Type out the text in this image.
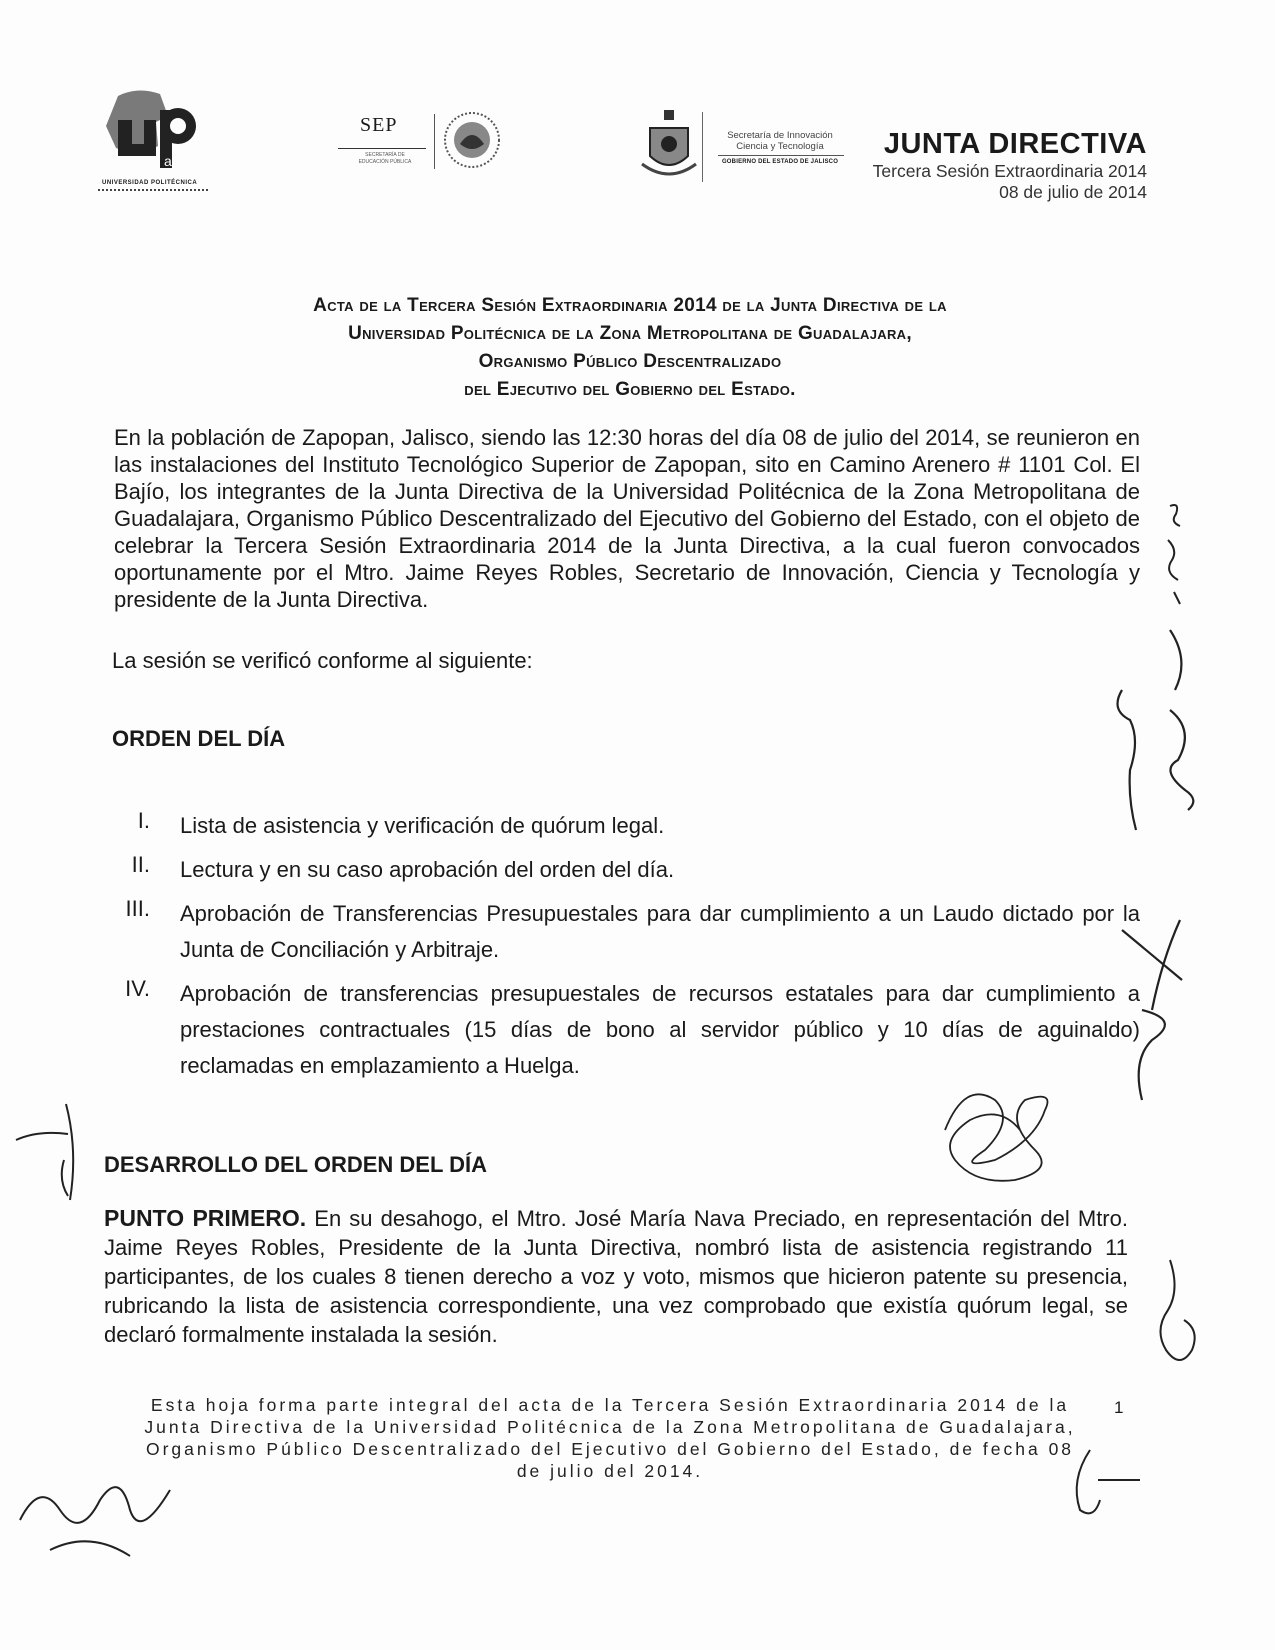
al
UNIVERSIDAD POLITÉCNICA
SEP
SECRETARÍA DE EDUCACIÓN PÚBLICA
Secretaría de Innovación
Ciencia y Tecnología
GOBIERNO DEL ESTADO DE JALISCO
JUNTA DIRECTIVA
Tercera Sesión Extraordinaria 2014
08 de julio de 2014
Acta de la Tercera Sesión Extraordinaria 2014 de la Junta Directiva de la
Universidad Politécnica de la Zona Metropolitana de Guadalajara,
Organismo Público Descentralizado
del Ejecutivo del Gobierno del Estado.
En la población de Zapopan, Jalisco, siendo las 12:30 horas del día 08 de julio del 2014, se reunieron en las instalaciones del Instituto Tecnológico Superior de Zapopan, sito en Camino Arenero # 1101 Col. El Bajío, los integrantes de la Junta Directiva de la Universidad Politécnica de la Zona Metropolitana de Guadalajara, Organismo Público Descentralizado del Ejecutivo del Gobierno del Estado, con el objeto de celebrar la Tercera Sesión Extraordinaria 2014 de la Junta Directiva, a la cual fueron convocados oportunamente por el Mtro. Jaime Reyes Robles, Secretario de Innovación, Ciencia y Tecnología y presidente de la Junta Directiva.
La sesión se verificó conforme al siguiente:
ORDEN DEL DÍA
I. Lista de asistencia y verificación de quórum legal.
II. Lectura y en su caso aprobación del orden del día.
III. Aprobación de Transferencias Presupuestales para dar cumplimiento a un Laudo dictado por la Junta de Conciliación y Arbitraje.
IV. Aprobación de transferencias presupuestales de recursos estatales para dar cumplimiento a prestaciones contractuales (15 días de bono al servidor público y 10 días de aguinaldo) reclamadas en emplazamiento a Huelga.
DESARROLLO DEL ORDEN DEL DÍA
PUNTO PRIMERO. En su desahogo, el Mtro. José María Nava Preciado, en representación del Mtro. Jaime Reyes Robles, Presidente de la Junta Directiva, nombró lista de asistencia registrando 11 participantes, de los cuales 8 tienen derecho a voz y voto, mismos que hicieron patente su presencia, rubricando la lista de asistencia correspondiente, una vez comprobado que existía quórum legal, se declaró formalmente instalada la sesión.
Esta hoja forma parte integral del acta de la Tercera Sesión Extraordinaria 2014 de la Junta Directiva de la Universidad Politécnica de la Zona Metropolitana de Guadalajara, Organismo Público Descentralizado del Ejecutivo del Gobierno del Estado, de fecha 08 de julio del 2014.
1
